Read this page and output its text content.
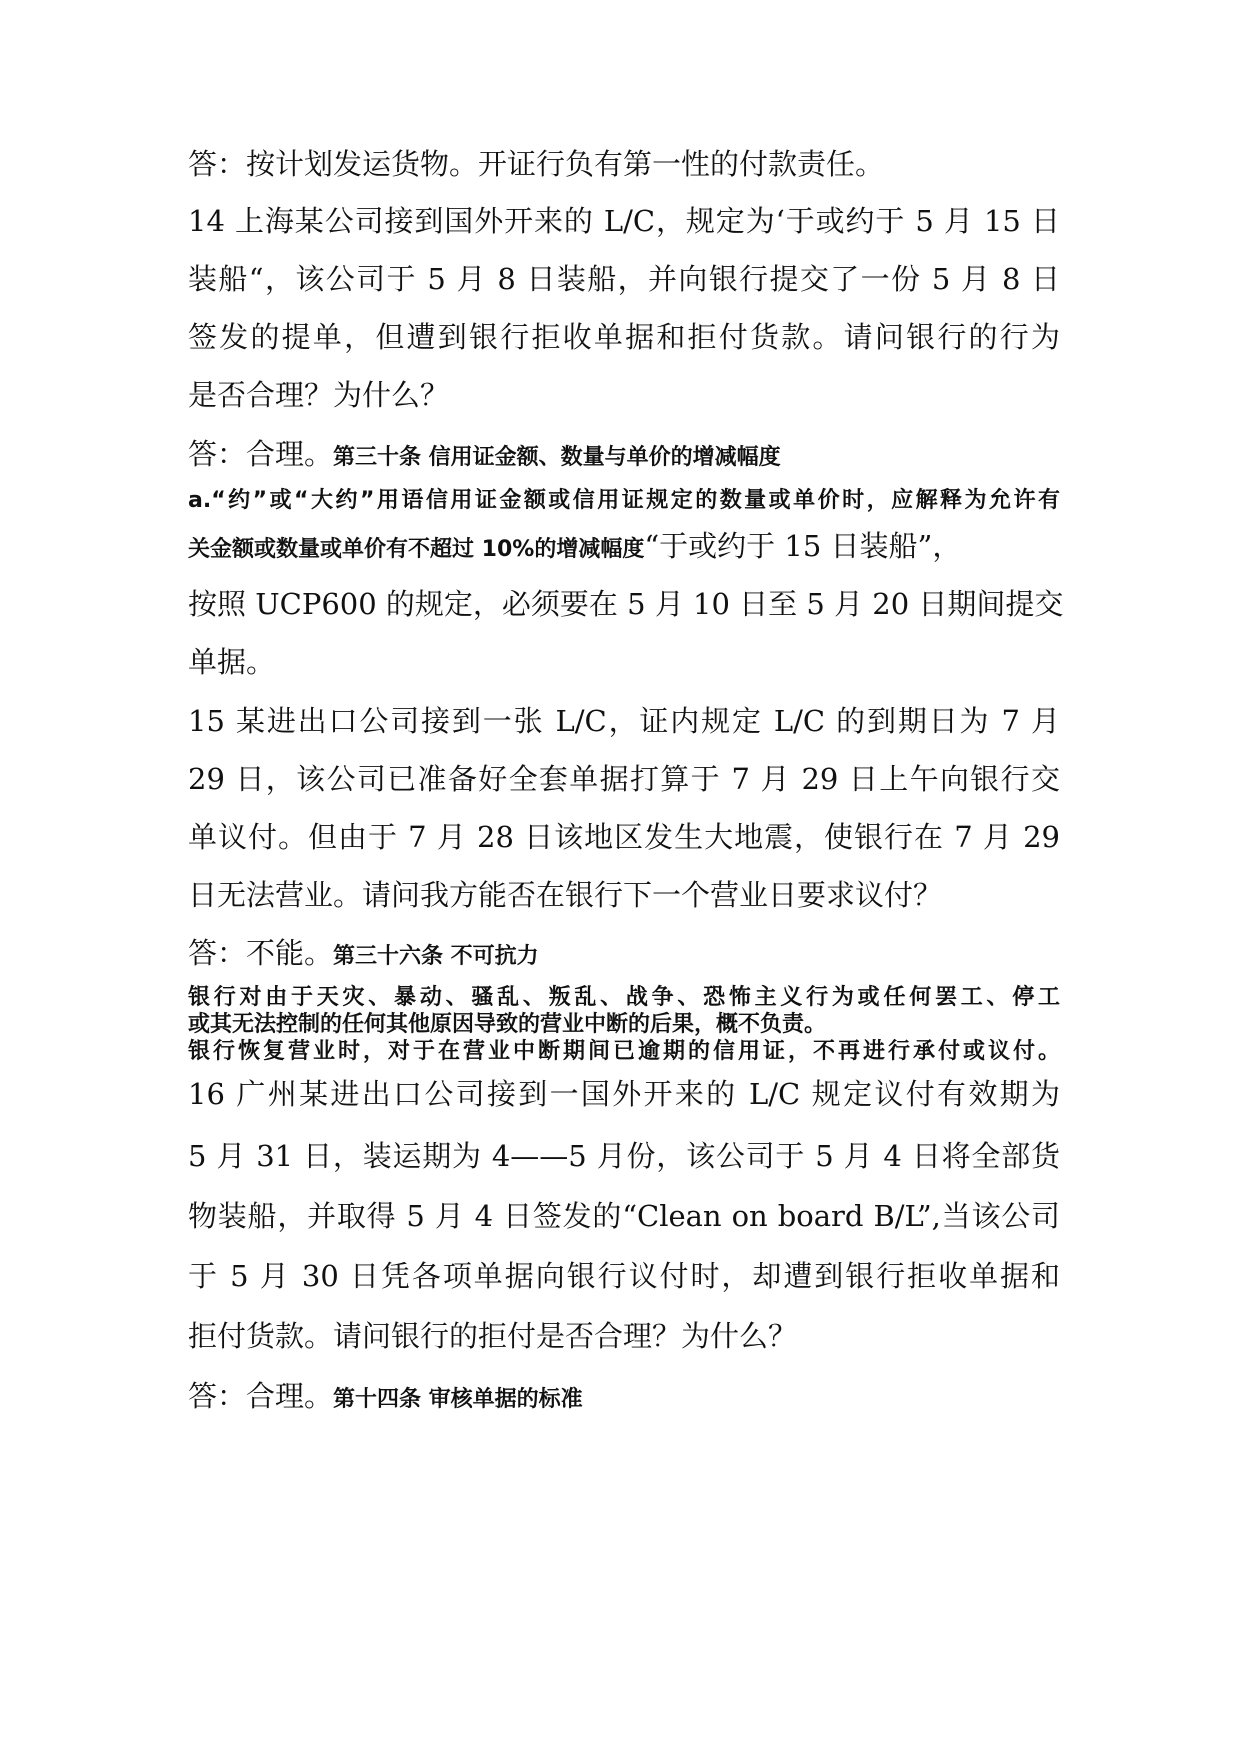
答：按计划发运货物。开证行负有第一性的付款责任。
14 上海某公司接到国外开来的 L/C，规定为‘于或约于 5 月 15 日
装船“，该公司于 5 月 8 日装船，并向银行提交了一份 5 月 8 日
签发的提单，但遭到银行拒收单据和拒付货款。请问银行的行为
是否合理？为什么？
答：合理。第三十条 信用证金额、数量与单价的增减幅度
a.“约”或“大约”用语信用证金额或信用证规定的数量或单价时，应解释为允许有
关金额或数量或单价有不超过 10%的增减幅度“于或约于 15 日装船”，
按照 UCP600 的规定，必须要在 5 月 10 日至 5 月 20 日期间提交
单据。
15 某进出口公司接到一张 L/C，证内规定 L/C 的到期日为 7 月
29 日，该公司已准备好全套单据打算于 7 月 29 日上午向银行交
单议付。但由于 7 月 28 日该地区发生大地震，使银行在 7 月 29
日无法营业。请问我方能否在银行下一个营业日要求议付？
答：不能。第三十六条 不可抗力
银行对由于天灾、暴动、骚乱、叛乱、战争、恐怖主义行为或任何罢工、停工
或其无法控制的任何其他原因导致的营业中断的后果，概不负责。
银行恢复营业时，对于在营业中断期间已逾期的信用证，不再进行承付或议付。
16 广州某进出口公司接到一国外开来的 L/C 规定议付有效期为
5 月 31 日，装运期为 4——5 月份，该公司于 5 月 4 日将全部货
物装船，并取得 5 月 4 日签发的“Clean on board B/L”,当该公司
于 5 月 30 日凭各项单据向银行议付时，却遭到银行拒收单据和
拒付货款。请问银行的拒付是否合理？为什么？
答：合理。第十四条 审核单据的标准
